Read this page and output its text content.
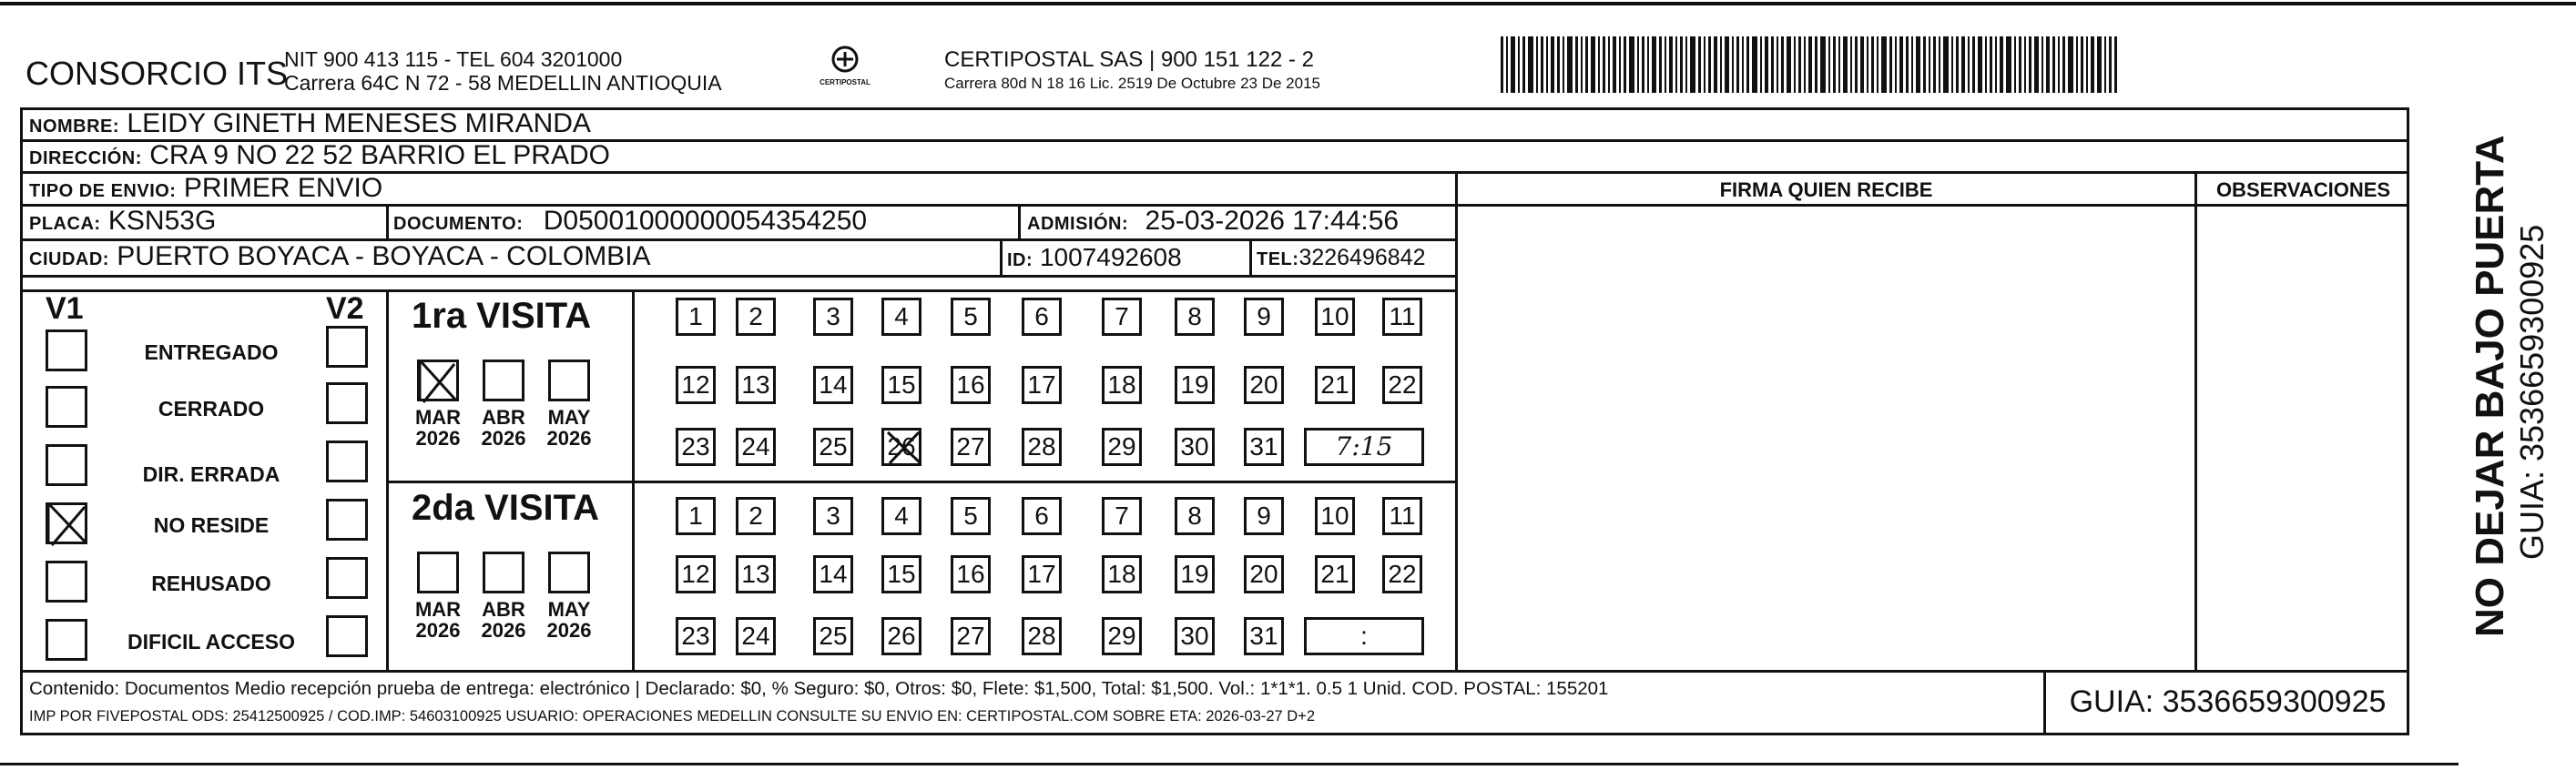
CONSORCIO ITS
NIT 900 413 115 - TEL 604 3201000
Carrera 64C N 72 - 58 MEDELLIN ANTIOQUIA	CERTIPOSTAL
CERTIPOSTAL SAS | 900 151 122 - 2
Carrera 80d N 18 16 Lic. 2519 De Octubre 23 De 2015
NOMBRE: LEIDY GINETH MENESES MIRANDA
DIRECCIÓN: CRA 9 NO 22 52 BARRIO EL PRADO
TIPO DE ENVIO: PRIMER ENVIO
PLACA: KSN53G	DOCUMENTO: D05001000000054354250	ADMISIÓN: 25-03-2026 17:44:56
CIUDAD: PUERTO BOYACA - BOYACA - COLOMBIA	ID: 1007492608	TEL:3226496842
FIRMA QUIEN RECIBE	OBSERVACIONES
V1	V2
ENTREGADO
CERRADO
DIR. ERRADA
NO RESIDE
REHUSADO
DIFICIL ACCESO
1ra VISITA
2da VISITA
MAR
2026
ABR
2026
MAY
2026
MAR
2026
ABR
2026
MAY
2026
1	2	3	4	5	6	7	8	9	10 11
12 13 14 15 16 17 18 19 20 21 22
23 24 25 26 27 28 29 30 31	7:15
1	2	3	4	5	6	7	8	9	10 11
12 13 14 15 16 17 18 19 20 21 22
23 24 25 26 27 28 29 30 31	:
Contenido: Documentos Medio recepción prueba de entrega: electrónico | Declarado: $0, % Seguro: $0, Otros: $0, Flete: $1,500, Total: $1,500. Vol.: 1*1*1. 0.5 1 Unid. COD. POSTAL: 155201
IMP POR FIVEPOSTAL ODS: 25412500925 / COD.IMP: 54603100925 USUARIO: OPERACIONES MEDELLIN CONSULTE SU ENVIO EN: CERTIPOSTAL.COM SOBRE ETA: 2026-03-27 D+2	GUIA: 3536659300925
NO DEJAR BAJO PUERTA GUIA: 3536659300925
